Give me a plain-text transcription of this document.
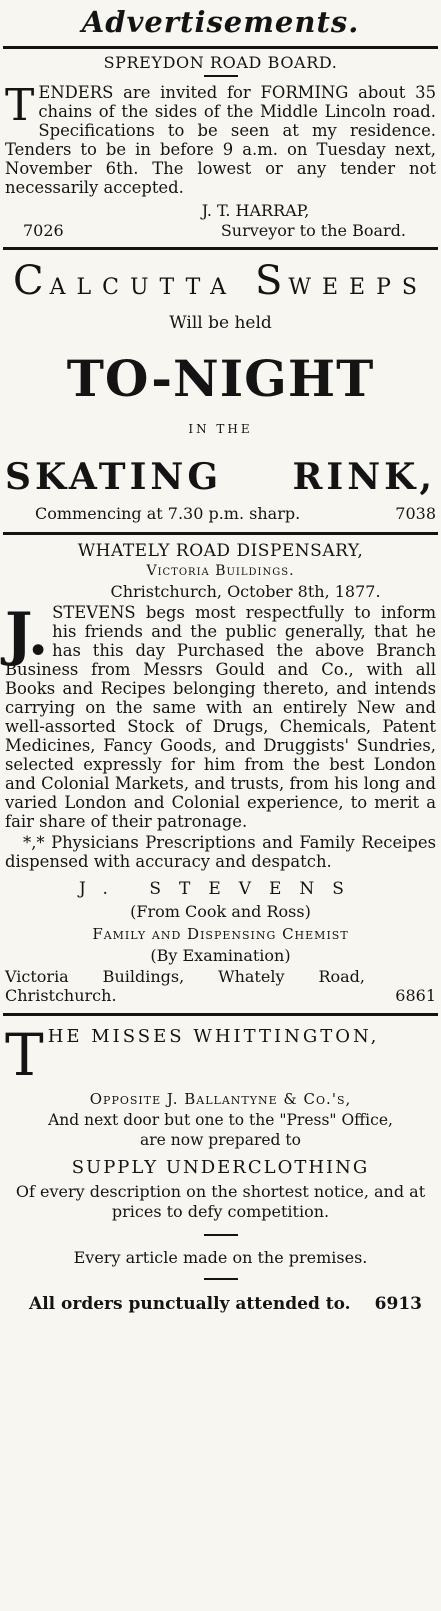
Advertisements.
SPREYDON ROAD BOARD.

TENDERS are invited for FORMING about 35 chains of the sides of the Middle Lincoln road. Specifications to be seen at my residence. Tenders to be in before 9 a.m. on Tuesday next, November 6th. The lowest or any tender not necessarily accepted.

J. T. HARRAP,
7026	Surveyor to the Board.
CALCUTTA SWEEPS
Will be held
TO-NIGHT
IN THE
SKATING RINK,
Commencing at 7.30 p.m. sharp.	7038
WHATELY ROAD DISPENSARY,
Victoria Buildings.
Christchurch, October 8th, 1877.

J. STEVENS begs most respectfully to inform his friends and the public generally, that he has this day Purchased the above Branch Business from Messrs Gould and Co., with all Books and Recipes belonging thereto, and intends carrying on the same with an entirely New and well-assorted Stock of Drugs, Chemicals, Patent Medicines, Fancy Goods, and Druggists' Sundries, selected expressly for him from the best London and Colonial Markets, and trusts, from his long and varied London and Colonial experience, to merit a fair share of their patronage.

*,* Physicians Prescriptions and Family Receipes dispensed with accuracy and despatch.

J. STEVENS
(From Cook and Ross)
Family and Dispensing Chemist
(By Examination)
Victoria Buildings, Whately Road, Christchurch.	6861
T HE MISSES WHITTINGTON,
Opposite J. Ballantyne & Co.'s,
And next door but one to the "Press" Office,
are now prepared to
SUPPLY UNDERCLOTHING
Of every description on the shortest notice, and at prices to defy competition.
Every article made on the premises.
All orders punctually attended to. 6913
